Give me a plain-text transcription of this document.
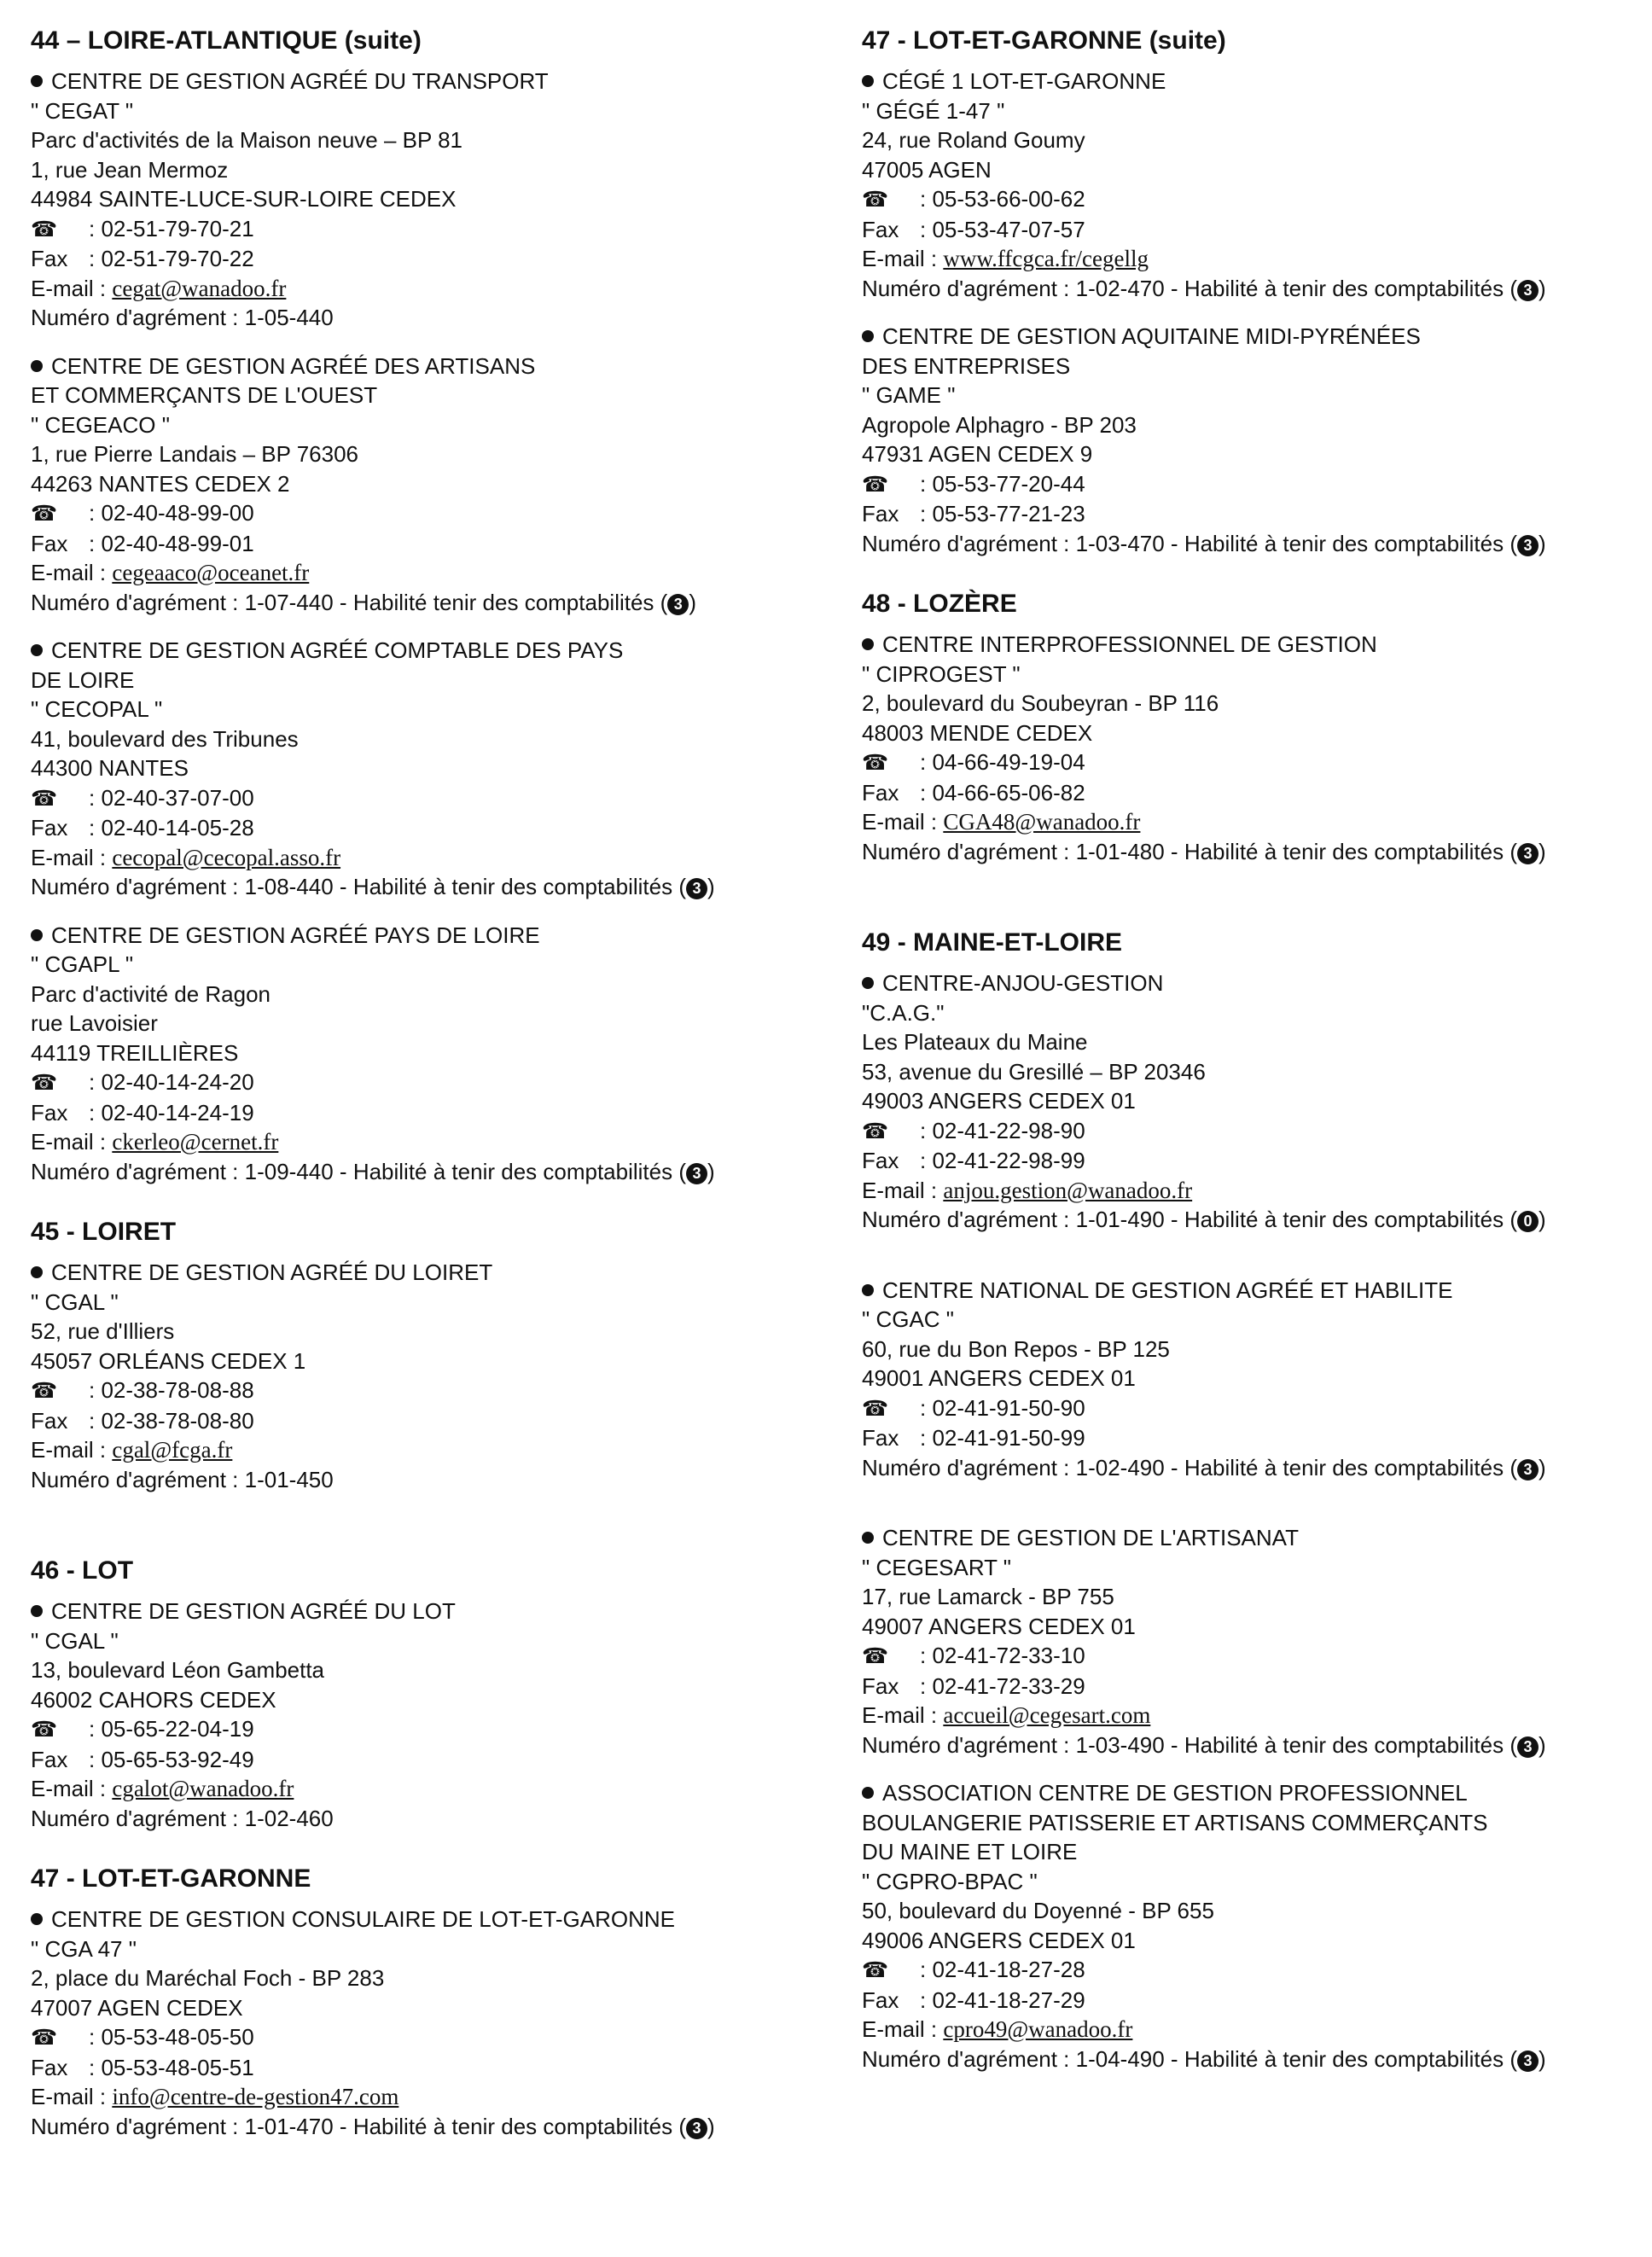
44 – LOIRE-ATLANTIQUE (suite)
CENTRE DE GESTION AGRÉÉ DU TRANSPORT
" CEGAT "
Parc d'activités de la Maison neuve – BP 81
1, rue Jean Mermoz
44984 SAINTE-LUCE-SUR-LOIRE CEDEX
☎ : 02-51-79-70-21
Fax : 02-51-79-70-22
E-mail : cegat@wanadoo.fr
Numéro d'agrément : 1-05-440
CENTRE DE GESTION AGRÉÉ DES ARTISANS
ET COMMERÇANTS DE L'OUEST
" CEGEACO "
1, rue Pierre Landais – BP 76306
44263 NANTES CEDEX 2
☎ : 02-40-48-99-00
Fax : 02-40-48-99-01
E-mail : cegeaaco@oceanet.fr
Numéro d'agrément : 1-07-440 - Habilité tenir des comptabilités ( 3 )
CENTRE DE GESTION AGRÉÉ COMPTABLE DES PAYS
DE LOIRE
" CECOPAL "
41, boulevard des Tribunes
44300 NANTES
☎ : 02-40-37-07-00
Fax : 02-40-14-05-28
E-mail : cecopal@cecopal.asso.fr
Numéro d'agrément : 1-08-440 - Habilité à tenir des comptabilités ( 3 )
CENTRE DE GESTION AGRÉÉ PAYS DE LOIRE
" CGAPL "
Parc d'activité de Ragon
rue Lavoisier
44119 TREILLIÈRES
☎ : 02-40-14-24-20
Fax : 02-40-14-24-19
E-mail : ckerleo@cernet.fr
Numéro d'agrément : 1-09-440 - Habilité à tenir des comptabilités ( 3 )
45 - LOIRET
CENTRE DE GESTION AGRÉÉ DU LOIRET
" CGAL "
52, rue d'Illiers
45057 ORLÉANS CEDEX 1
☎ : 02-38-78-08-88
Fax : 02-38-78-08-80
E-mail : cgal@fcga.fr
Numéro d'agrément : 1-01-450
46 - LOT
CENTRE DE GESTION AGRÉÉ DU LOT
" CGAL "
13, boulevard Léon Gambetta
46002 CAHORS CEDEX
☎ : 05-65-22-04-19
Fax : 05-65-53-92-49
E-mail : cgalot@wanadoo.fr
Numéro d'agrément : 1-02-460
47 - LOT-ET-GARONNE
CENTRE DE GESTION CONSULAIRE DE LOT-ET-GARONNE
" CGA 47 "
2, place du Maréchal Foch - BP 283
47007 AGEN CEDEX
☎ : 05-53-48-05-50
Fax : 05-53-48-05-51
E-mail : info@centre-de-gestion47.com
Numéro d'agrément : 1-01-470 - Habilité à tenir des comptabilités ( 3 )
47 - LOT-ET-GARONNE (suite)
CÉGÉ 1 LOT-ET-GARONNE
" GÉGÉ 1-47 "
24, rue Roland Goumy
47005 AGEN
☎ : 05-53-66-00-62
Fax : 05-53-47-07-57
E-mail : www.ffcgca.fr/cegellg
Numéro d'agrément : 1-02-470 - Habilité à tenir des comptabilités ( 3 )
CENTRE DE GESTION AQUITAINE MIDI-PYRÉNÉES
DES ENTREPRISES
" GAME "
Agropole Alphagro - BP 203
47931 AGEN CEDEX 9
☎ : 05-53-77-20-44
Fax : 05-53-77-21-23
Numéro d'agrément : 1-03-470 - Habilité à tenir des comptabilités ( 3 )
48 - LOZÈRE
CENTRE INTERPROFESSIONNEL DE GESTION
" CIPROGEST "
2, boulevard du Soubeyran - BP 116
48003 MENDE CEDEX
☎ : 04-66-49-19-04
Fax : 04-66-65-06-82
E-mail : CGA48@wanadoo.fr
Numéro d'agrément : 1-01-480 - Habilité à tenir des comptabilités ( 3 )
49 - MAINE-ET-LOIRE
CENTRE-ANJOU-GESTION
"C.A.G."
Les Plateaux du Maine
53, avenue du Gresillé – BP 20346
49003 ANGERS CEDEX 01
☎ : 02-41-22-98-90
Fax : 02-41-22-98-99
E-mail : anjou.gestion@wanadoo.fr
Numéro d'agrément : 1-01-490 - Habilité à tenir des comptabilités ( 0 )
CENTRE NATIONAL DE GESTION AGRÉÉ ET HABILITE
" CGAC "
60, rue du Bon Repos - BP 125
49001 ANGERS CEDEX 01
☎ : 02-41-91-50-90
Fax : 02-41-91-50-99
Numéro d'agrément : 1-02-490 - Habilité à tenir des comptabilités ( 3 )
CENTRE DE GESTION DE L'ARTISANAT
" CEGESART "
17, rue Lamarck - BP 755
49007 ANGERS CEDEX 01
☎ : 02-41-72-33-10
Fax : 02-41-72-33-29
E-mail : accueil@cegesart.com
Numéro d'agrément : 1-03-490 - Habilité à tenir des comptabilités ( 3 )
ASSOCIATION CENTRE DE GESTION PROFESSIONNEL
BOULANGERIE PATISSERIE ET ARTISANS COMMERÇANTS
DU MAINE ET LOIRE
" CGPRO-BPAC "
50, boulevard du Doyenné - BP 655
49006 ANGERS CEDEX 01
☎ : 02-41-18-27-28
Fax : 02-41-18-27-29
E-mail : cpro49@wanadoo.fr
Numéro d'agrément : 1-04-490 - Habilité à tenir des comptabilités ( 3 )
